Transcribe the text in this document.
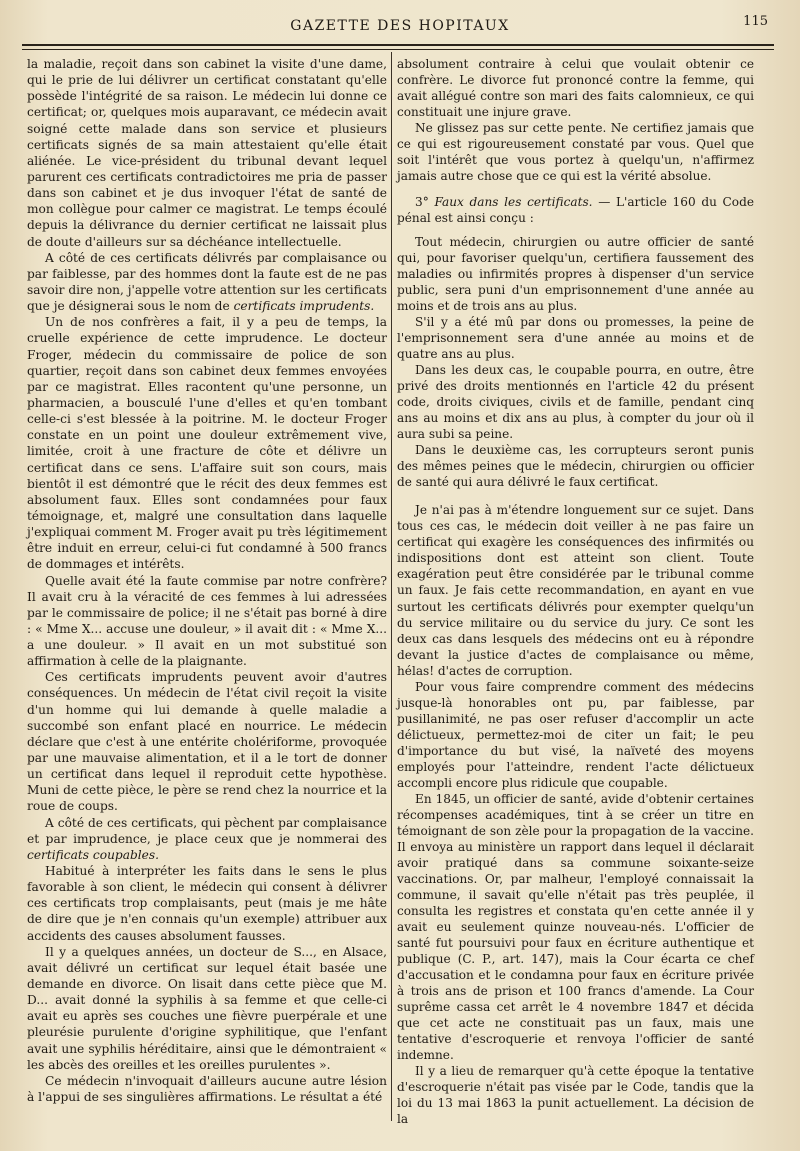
GAZETTE DES HOPITAUX	115

la maladie, reçoit dans son cabinet la visite d'une dame, qui le prie de lui délivrer un certificat constatant qu'elle possède l'intégrité de sa raison. Le médecin lui donne ce certificat; or, quelques mois auparavant, ce médecin avait soigné cette malade dans son service et plusieurs certificats signés de sa main attestaient qu'elle était aliénée. Le vice-président du tribunal devant lequel parurent ces certificats contradictoires me pria de passer dans son cabinet et je dus invoquer l'état de santé de mon collègue pour calmer ce magistrat. Le temps écoulé depuis la délivrance du dernier certificat ne laissait plus de doute d'ailleurs sur sa déchéance intellectuelle.

A côté de ces certificats délivrés par complaisance ou par faiblesse, par des hommes dont la faute est de ne pas savoir dire non, j'appelle votre attention sur les certificats que je désignerai sous le nom de certificats imprudents.

Un de nos confrères a fait, il y a peu de temps, la cruelle expérience de cette imprudence. Le docteur Froger, médecin du commissaire de police de son quartier, reçoit dans son cabinet deux femmes envoyées par ce magistrat. Elles racontent qu'une personne, un pharmacien, a bousculé l'une d'elles et qu'en tombant celle-ci s'est blessée à la poitrine. M. le docteur Froger constate en un point une douleur extrêmement vive, limitée, croit à une fracture de côte et délivre un certificat dans ce sens. L'affaire suit son cours, mais bientôt il est démontré que le récit des deux femmes est absolument faux. Elles sont condamnées pour faux témoignage, et, malgré une consultation dans laquelle j'expliquai comment M. Froger avait pu très légitimement être induit en erreur, celui-ci fut condamné à 500 francs de dommages et intérêts.

Quelle avait été la faute commise par notre confrère? Il avait cru à la véracité de ces femmes à lui adressées par le commissaire de police; il ne s'était pas borné à dire : « Mme X... accuse une douleur, » il avait dit : « Mme X... a une douleur. » Il avait en un mot substitué son affirmation à celle de la plaignante.

Ces certificats imprudents peuvent avoir d'autres conséquences. Un médecin de l'état civil reçoit la visite d'un homme qui lui demande à quelle maladie a succombé son enfant placé en nourrice. Le médecin déclare que c'est à une entérite cholériforme, provoquée par une mauvaise alimentation, et il a le tort de donner un certificat dans lequel il reproduit cette hypothèse. Muni de cette pièce, le père se rend chez la nourrice et la roue de coups.

A côté de ces certificats, qui pèchent par complaisance et par imprudence, je place ceux que je nommerai des certificats coupables.

Habitué à interpréter les faits dans le sens le plus favorable à son client, le médecin qui consent à délivrer ces certificats trop complaisants, peut (mais je me hâte de dire que je n'en connais qu'un exemple) attribuer aux accidents des causes absolument fausses.

Il y a quelques années, un docteur de S..., en Alsace, avait délivré un certificat sur lequel était basée une demande en divorce. On lisait dans cette pièce que M. D... avait donné la syphilis à sa femme et que celle-ci avait eu après ses couches une fièvre puerpérale et une pleurésie purulente d'origine syphilitique, que l'enfant avait une syphilis héréditaire, ainsi que le démontraient « les abcès des oreilles et les oreilles purulentes ».

Ce médecin n'invoquait d'ailleurs aucune autre lésion à l'appui de ses singulières affirmations. Le résultat a été

absolument contraire à celui que voulait obtenir ce confrère. Le divorce fut prononcé contre la femme, qui avait allégué contre son mari des faits calomnieux, ce qui constituait une injure grave.

Ne glissez pas sur cette pente. Ne certifiez jamais que ce qui est rigoureusement constaté par vous. Quel que soit l'intérêt que vous portez à quelqu'un, n'affirmez jamais autre chose que ce qui est la vérité absolue.

3° Faux dans les certificats. — L'article 160 du Code pénal est ainsi conçu :

Tout médecin, chirurgien ou autre officier de santé qui, pour favoriser quelqu'un, certifiera faussement des maladies ou infirmités propres à dispenser d'un service public, sera puni d'un emprisonnement d'une année au moins et de trois ans au plus.

S'il y a été mû par dons ou promesses, la peine de l'emprisonnement sera d'une année au moins et de quatre ans au plus.

Dans les deux cas, le coupable pourra, en outre, être privé des droits mentionnés en l'article 42 du présent code, droits civiques, civils et de famille, pendant cinq ans au moins et dix ans au plus, à compter du jour où il aura subi sa peine.

Dans le deuxième cas, les corrupteurs seront punis des mêmes peines que le médecin, chirurgien ou officier de santé qui aura délivré le faux certificat.

Je n'ai pas à m'étendre longuement sur ce sujet. Dans tous ces cas, le médecin doit veiller à ne pas faire un certificat qui exagère les conséquences des infirmités ou indispositions dont est atteint son client. Toute exagération peut être considérée par le tribunal comme un faux. Je fais cette recommandation, en ayant en vue surtout les certificats délivrés pour exempter quelqu'un du service militaire ou du service du jury. Ce sont les deux cas dans lesquels des médecins ont eu à répondre devant la justice d'actes de complaisance ou même, hélas! d'actes de corruption.

Pour vous faire comprendre comment des médecins jusque-là honorables ont pu, par faiblesse, par pusillanimité, ne pas oser refuser d'accomplir un acte délictueux, permettez-moi de citer un fait; le peu d'importance du but visé, la naïveté des moyens employés pour l'atteindre, rendent l'acte délictueux accompli encore plus ridicule que coupable.

En 1845, un officier de santé, avide d'obtenir certaines récompenses académiques, tint à se créer un titre en témoignant de son zèle pour la propagation de la vaccine. Il envoya au ministère un rapport dans lequel il déclarait avoir pratiqué dans sa commune soixante-seize vaccinations. Or, par malheur, l'employé connaissait la commune, il savait qu'elle n'était pas très peuplée, il consulta les registres et constata qu'en cette année il y avait eu seulement quinze nouveau-nés. L'officier de santé fut poursuivi pour faux en écriture authentique et publique (C. P., art. 147), mais la Cour écarta ce chef d'accusation et le condamna pour faux en écriture privée à trois ans de prison et 100 francs d'amende. La Cour suprême cassa cet arrêt le 4 novembre 1847 et décida que cet acte ne constituait pas un faux, mais une tentative d'escroquerie et renvoya l'officier de santé indemne.

Il y a lieu de remarquer qu'à cette époque la tentative d'escroquerie n'était pas visée par le Code, tandis que la loi du 13 mai 1863 la punit actuellement. La décision de la
